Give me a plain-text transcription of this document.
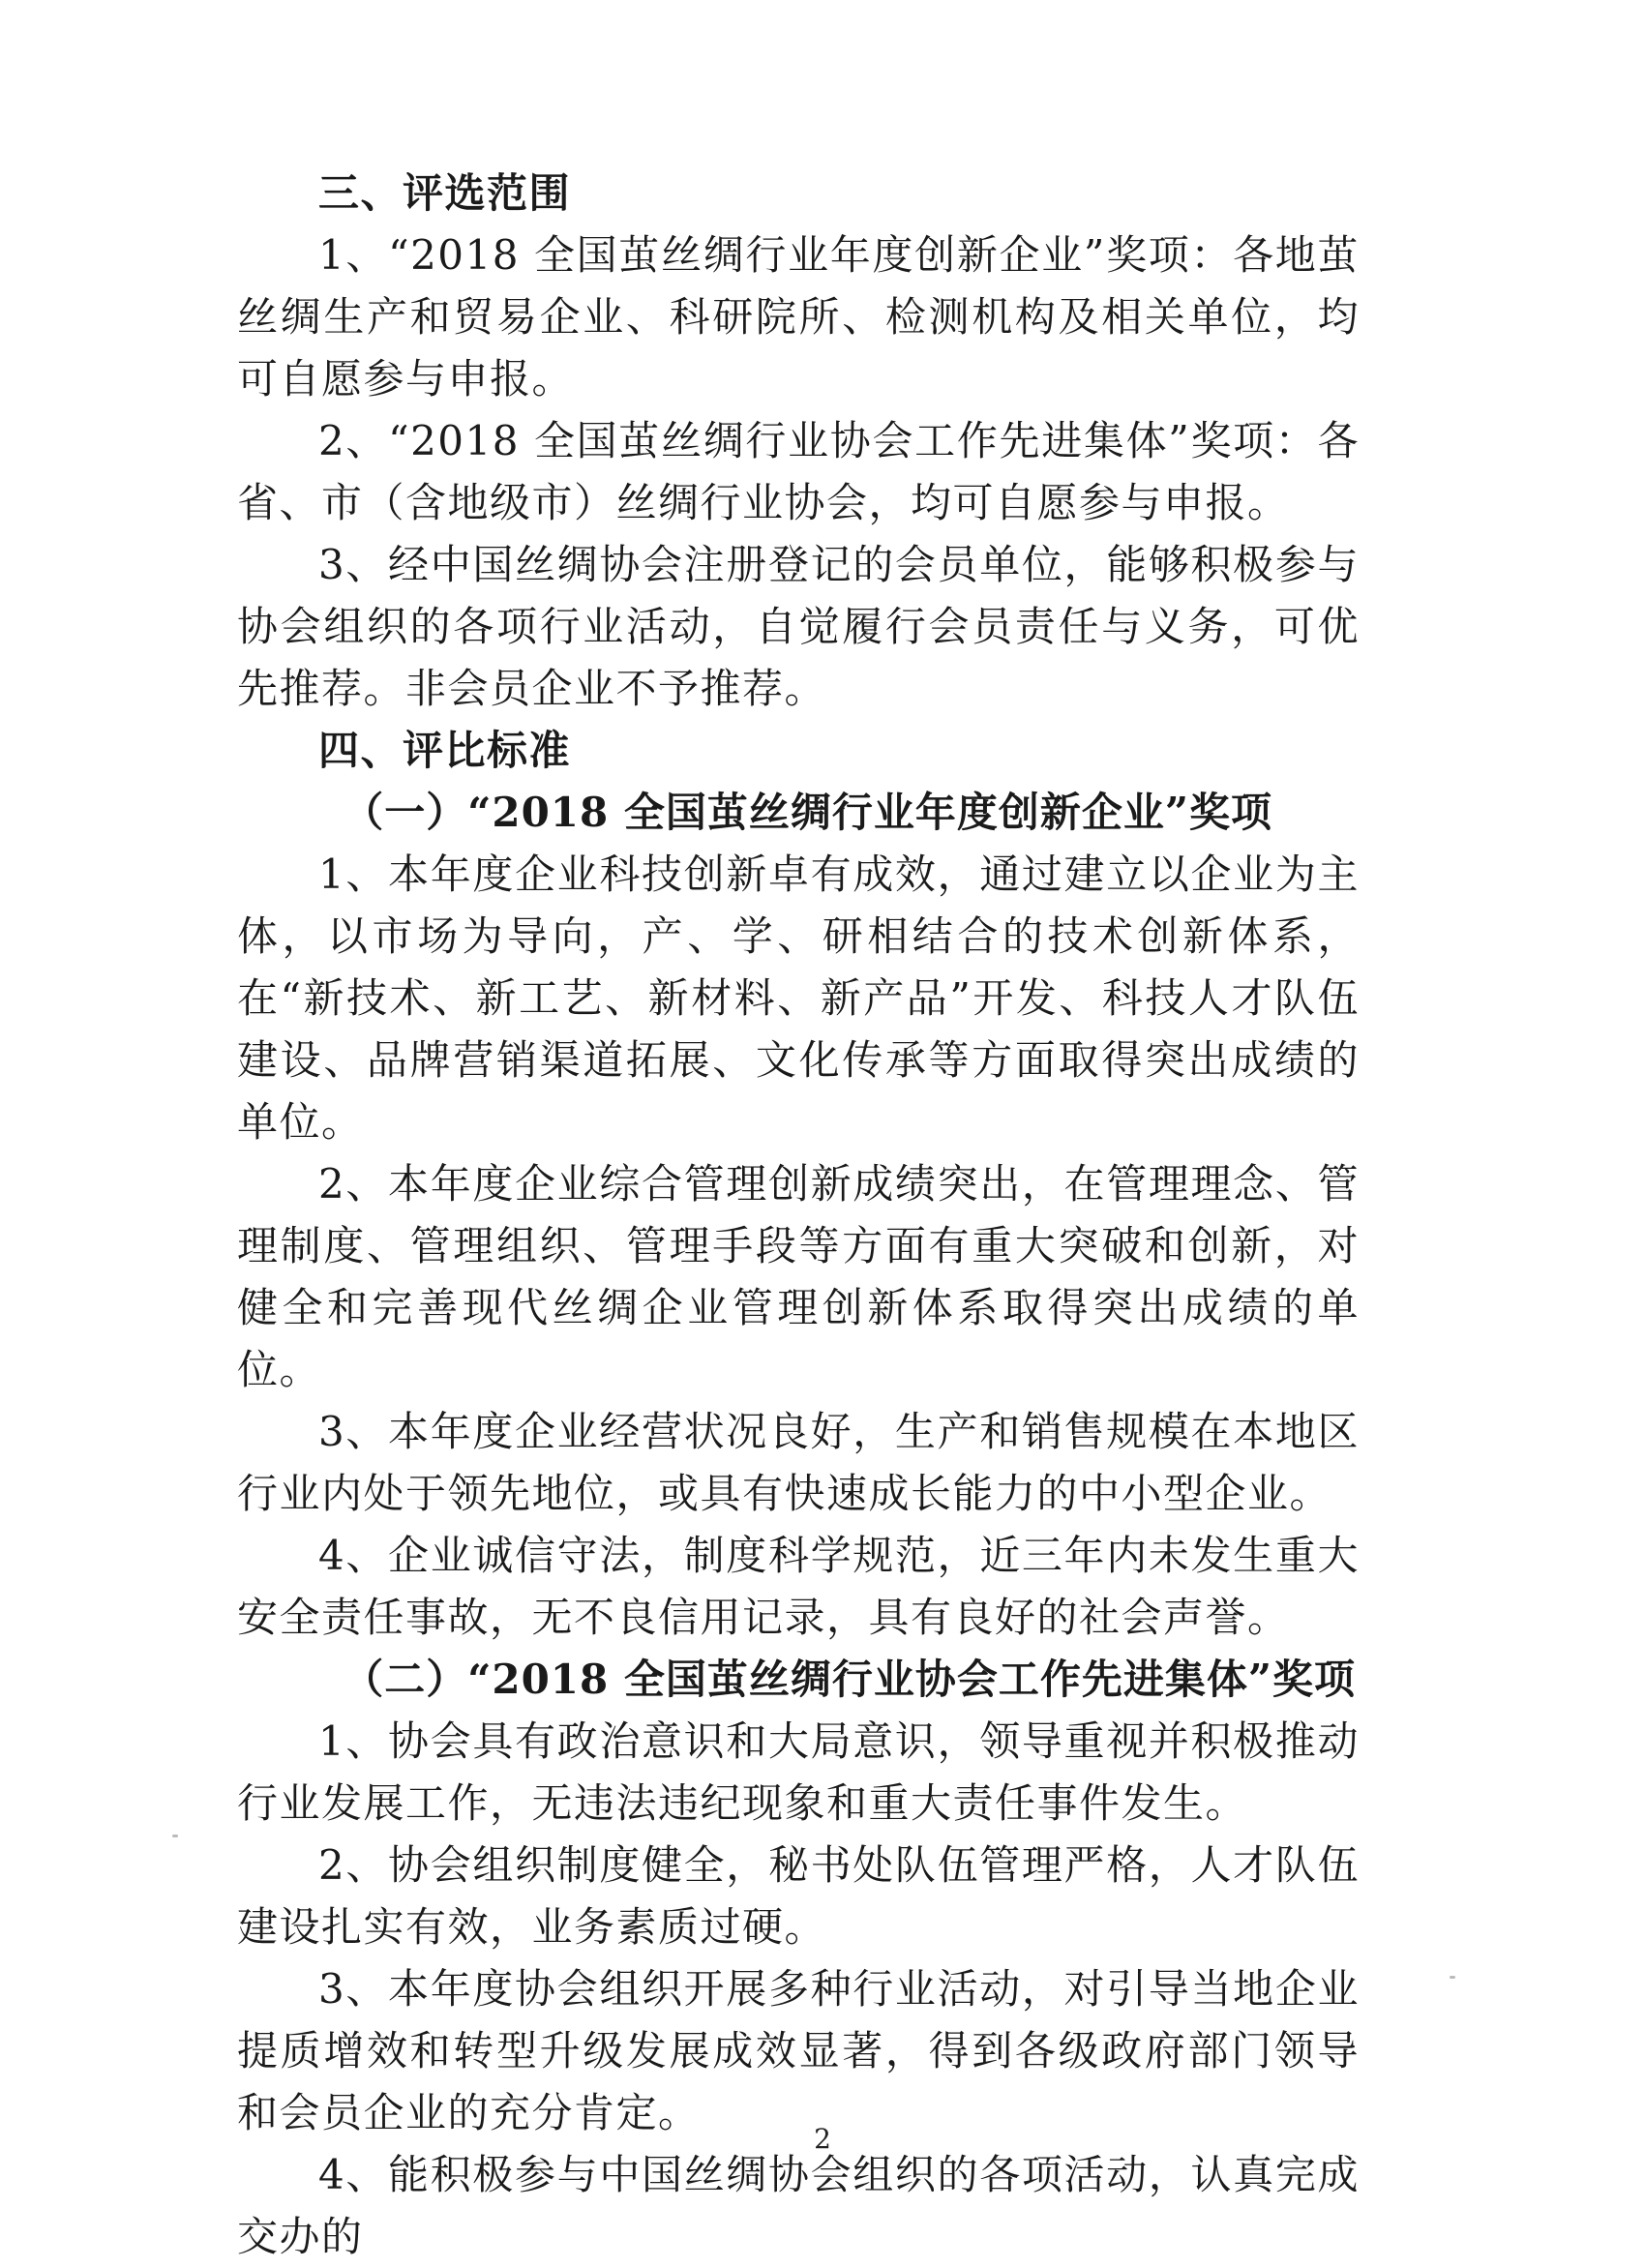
三、评选范围

1、“2018 全国茧丝绸行业年度创新企业”奖项：各地茧丝绸生产和贸易企业、科研院所、检测机构及相关单位，均可自愿参与申报。

2、“2018 全国茧丝绸行业协会工作先进集体”奖项：各省、市（含地级市）丝绸行业协会，均可自愿参与申报。

3、经中国丝绸协会注册登记的会员单位，能够积极参与协会组织的各项行业活动，自觉履行会员责任与义务，可优先推荐。非会员企业不予推荐。

四、评比标准

（一）“2018 全国茧丝绸行业年度创新企业”奖项

1、本年度企业科技创新卓有成效，通过建立以企业为主体，以市场为导向，产、学、研相结合的技术创新体系，在“新技术、新工艺、新材料、新产品”开发、科技人才队伍建设、品牌营销渠道拓展、文化传承等方面取得突出成绩的单位。

2、本年度企业综合管理创新成绩突出，在管理理念、管理制度、管理组织、管理手段等方面有重大突破和创新，对健全和完善现代丝绸企业管理创新体系取得突出成绩的单位。

3、本年度企业经营状况良好，生产和销售规模在本地区行业内处于领先地位，或具有快速成长能力的中小型企业。

4、企业诚信守法，制度科学规范，近三年内未发生重大安全责任事故，无不良信用记录，具有良好的社会声誉。

（二）“2018 全国茧丝绸行业协会工作先进集体”奖项

1、协会具有政治意识和大局意识，领导重视并积极推动行业发展工作，无违法违纪现象和重大责任事件发生。

2、协会组织制度健全，秘书处队伍管理严格，人才队伍建设扎实有效，业务素质过硬。

3、本年度协会组织开展多种行业活动，对引导当地企业提质增效和转型升级发展成效显著，得到各级政府部门领导和会员企业的充分肯定。

4、能积极参与中国丝绸协会组织的各项活动，认真完成交办的

2
